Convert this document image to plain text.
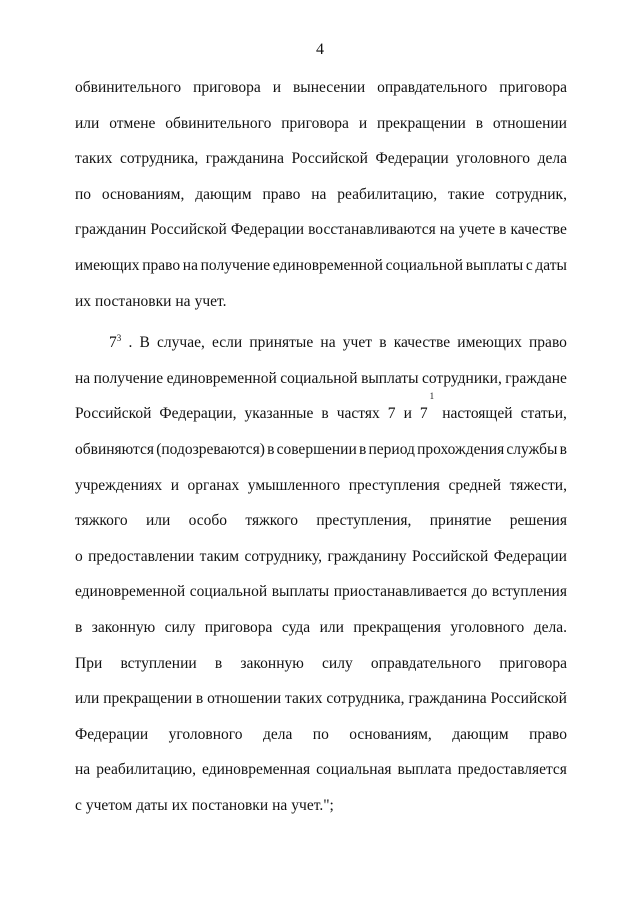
4
обвинительного приговора и вынесении оправдательного приговора
или отмене обвинительного приговора и прекращении в отношении
таких сотрудника, гражданина Российской Федерации уголовного дела
по основаниям, дающим право на реабилитацию, такие сотрудник,
гражданин Российской Федерации восстанавливаются на учете в качестве
имеющих право на получение единовременной социальной выплаты с даты
их постановки на учет.
$7^3$ . В случае, если принятые на учет в качестве имеющих право
на получение единовременной социальной выплаты сотрудники, граждане
Российской Федерации, указанные в частях 7 и 7
1
настоящей статьи,
обвиняются (подозреваются) в совершении в период прохождения службы в
учреждениях и органах умышленного преступления средней тяжести,
тяжкого или особо тяжкого преступления, принятие решения
о предоставлении таким сотруднику, гражданину Российской Федерации
единовременной социальной выплаты приостанавливается до вступления
в законную силу приговора суда или прекращения уголовного дела.
При вступлении в законную силу оправдательного приговора
или прекращении в отношении таких сотрудника, гражданина Российской
Федерации уголовного дела по основаниям, дающим право
на реабилитацию, единовременная социальная выплата предоставляется
с учетом даты их постановки на учет.";
